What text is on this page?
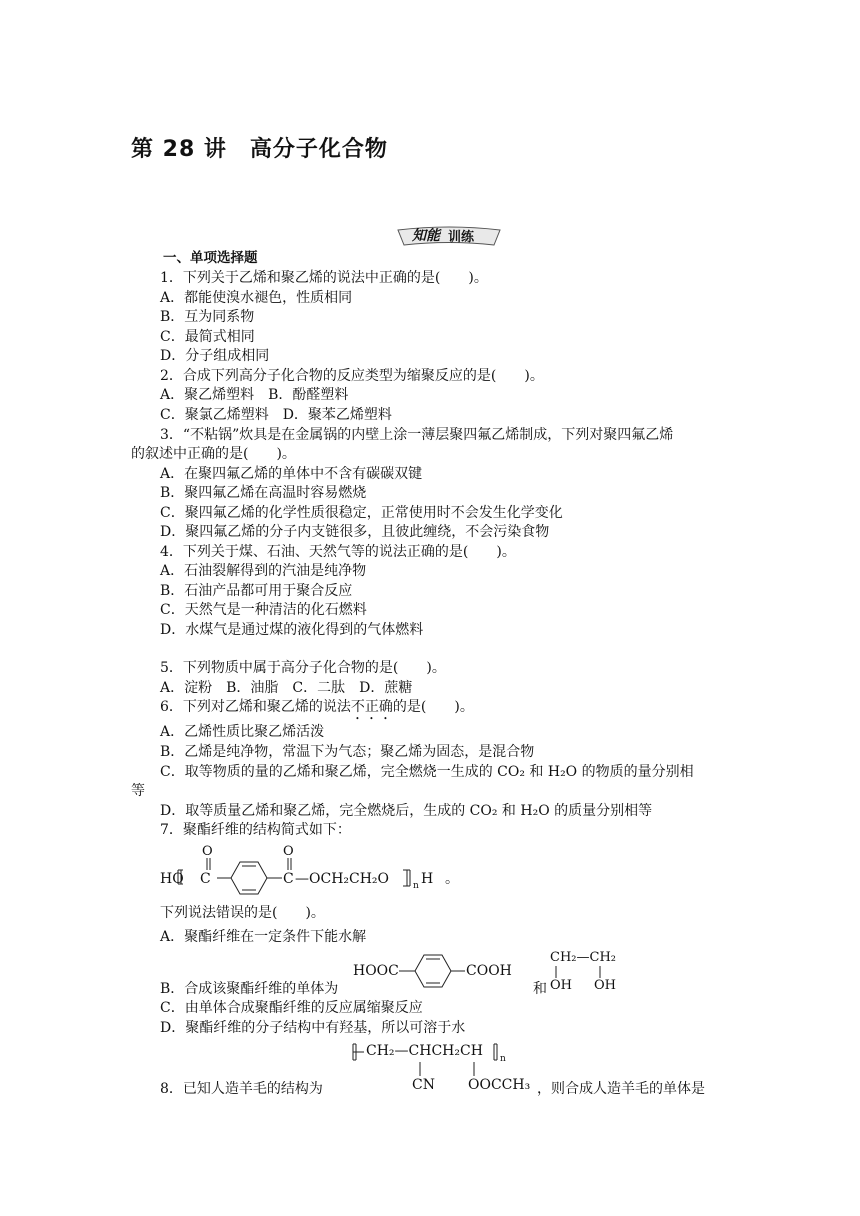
第 28 讲　高分子化合物
知能 训练
一、单项选择题
1．下列关于乙烯和聚乙烯的说法中正确的是(　　)。
A．都能使溴水褪色，性质相同
B．互为同系物
C．最简式相同
D．分子组成相同
2．合成下列高分子化合物的反应类型为缩聚反应的是(　　)。
A．聚乙烯塑料　B．酚醛塑料
C．聚氯乙烯塑料　D．聚苯乙烯塑料
3．“不粘锅”炊具是在金属锅的内壁上涂一薄层聚四氟乙烯制成，下列对聚四氟乙烯
的叙述中正确的是(　　)。
A．在聚四氟乙烯的单体中不含有碳碳双键
B．聚四氟乙烯在高温时容易燃烧
C．聚四氟乙烯的化学性质很稳定，正常使用时不会发生化学变化
D．聚四氟乙烯的分子内支链很多，且彼此缠绕，不会污染食物
4．下列关于煤、石油、天然气等的说法正确的是(　　)。
A．石油裂解得到的汽油是纯净物
B．石油产品都可用于聚合反应
C．天然气是一种清洁的化石燃料
D．水煤气是通过煤的液化得到的气体燃料
5．下列物质中属于高分子化合物的是(　　)。
A．淀粉　B．油脂　C．二肽　D．蔗糖
6．下列对乙烯和聚乙烯的说法不正确的是(　　)。
A．乙烯性质比聚乙烯活泼
B．乙烯是纯净物，常温下为气态；聚乙烯为固态，是混合物
C．取等物质的量的乙烯和聚乙烯，完全燃烧一生成的 CO₂ 和 H₂O 的物质的量分别相
等
D．取等质量乙烯和聚乙烯，完全燃烧后，生成的 CO₂ 和 H₂O 的质量分别相等
7．聚酯纤维的结构简式如下：
O	O
HO C	C —OCH₂CH₂O	n H 。
下列说法错误的是(　　)。
A．聚酯纤维在一定条件下能水解
B．合成该聚酯纤维的单体为
HOOC	COOH
和
CH₂—CH₂
OH OH
C．由单体合成聚酯纤维的反应属缩聚反应
D．聚酯纤维的分子结构中有羟基，所以可溶于水
8．已知人造羊毛的结构为
CH₂—CHCH₂CH n
CN OOCCH₃ ，则合成人造羊毛的单体是
